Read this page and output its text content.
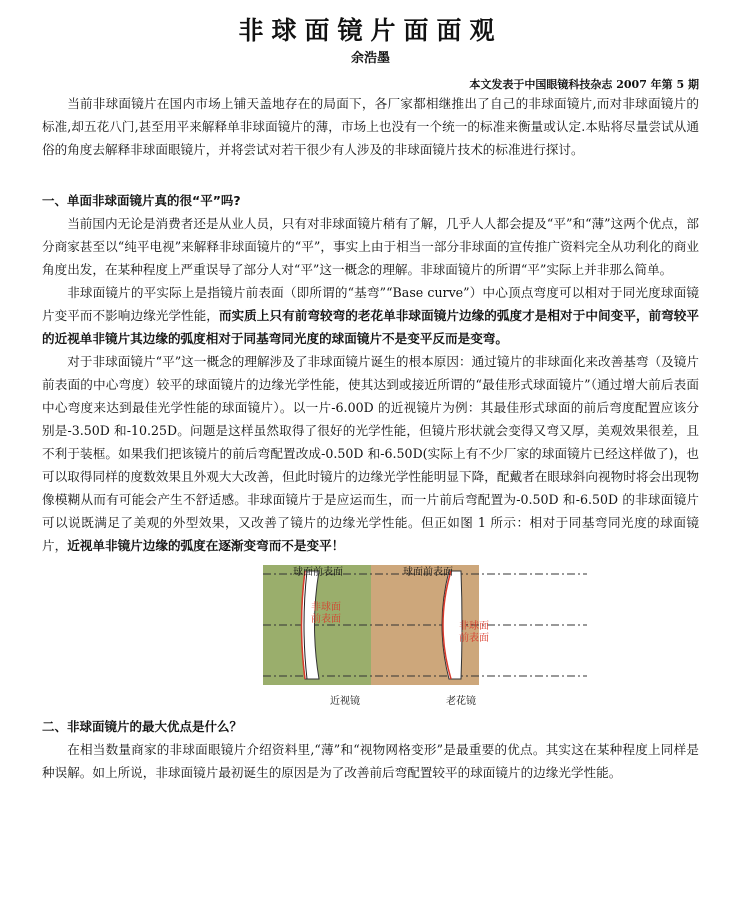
非球面镜片面面观
余浩墨
本文发表于中国眼镜科技杂志 2007 年第 5 期

当前非球面镜片在国内市场上铺天盖地存在的局面下，各厂家都相继推出了自己的非球面镜片,而对非球面镜片的标准,却五花八门,甚至用平来解释单非球面镜片的薄，市场上也没有一个统一的标准来衡量或认定.本贴将尽量尝试从通俗的角度去解释非球面眼镜片，并将尝试对若干很少有人涉及的非球面镜片技术的标准进行探讨。

一、单面非球面镜片真的很“平”吗?

当前国内无论是消费者还是从业人员，只有对非球面镜片稍有了解，几乎人人都会提及“平”和“薄”这两个优点，部分商家甚至以“纯平电视”来解释非球面镜片的“平”，事实上由于相当一部分非球面的宣传推广资料完全从功利化的商业角度出发，在某种程度上严重误导了部分人对“平”这一概念的理解。非球面镜片的所谓“平”实际上并非那么简单。

非球面镜片的平实际上是指镜片前表面（即所谓的“基弯”“Base curve”）中心顶点弯度可以相对于同光度球面镜片变平而不影响边缘光学性能，而实质上只有前弯较弯的老花单非球面镜片边缘的弧度才是相对于中间变平，前弯较平的近视单非镜片其边缘的弧度相对于同基弯同光度的球面镜片不是变平反而是变弯。

对于非球面镜片“平”这一概念的理解涉及了非球面镜片诞生的根本原因：通过镜片的非球面化来改善基弯（及镜片前表面的中心弯度）较平的球面镜片的边缘光学性能，使其达到或接近所谓的“最佳形式球面镜片”（通过增大前后表面中心弯度来达到最佳光学性能的球面镜片）。以一片-6.00D 的近视镜片为例：其最佳形式球面的前后弯度配置应该分别是-3.50D 和-10.25D。问题是这样虽然取得了很好的光学性能，但镜片形状就会变得又弯又厚，美观效果很差，且不利于装框。如果我们把该镜片的前后弯配置改成-0.50D 和-6.50D(实际上有不少厂家的球面镜片已经这样做了)，也可以取得同样的度数效果且外观大大改善，但此时镜片的边缘光学性能明显下降，配戴者在眼球斜向视物时将会出现物像模糊从而有可能会产生不舒适感。非球面镜片于是应运而生，而一片前后弯配置为-0.50D 和-6.50D 的非球面镜片可以说既满足了美观的外型效果，又改善了镜片的边缘光学性能。但正如图 1 所示：相对于同基弯同光度的球面镜片，近视单非镜片边缘的弧度在逐渐变弯而不是变平！

球面前表面
非球面
前表面
球面前表面
非球面
前表面
近视镜	老花镜

二、非球面镜片的最大优点是什么？

在相当数量商家的非球面眼镜片介绍资料里,“薄”和“视物网格变形”是最重要的优点。其实这在某种程度上同样是种误解。如上所说，非球面镜片最初诞生的原因是为了改善前后弯配置较平的球面镜片的边缘光学性能。
